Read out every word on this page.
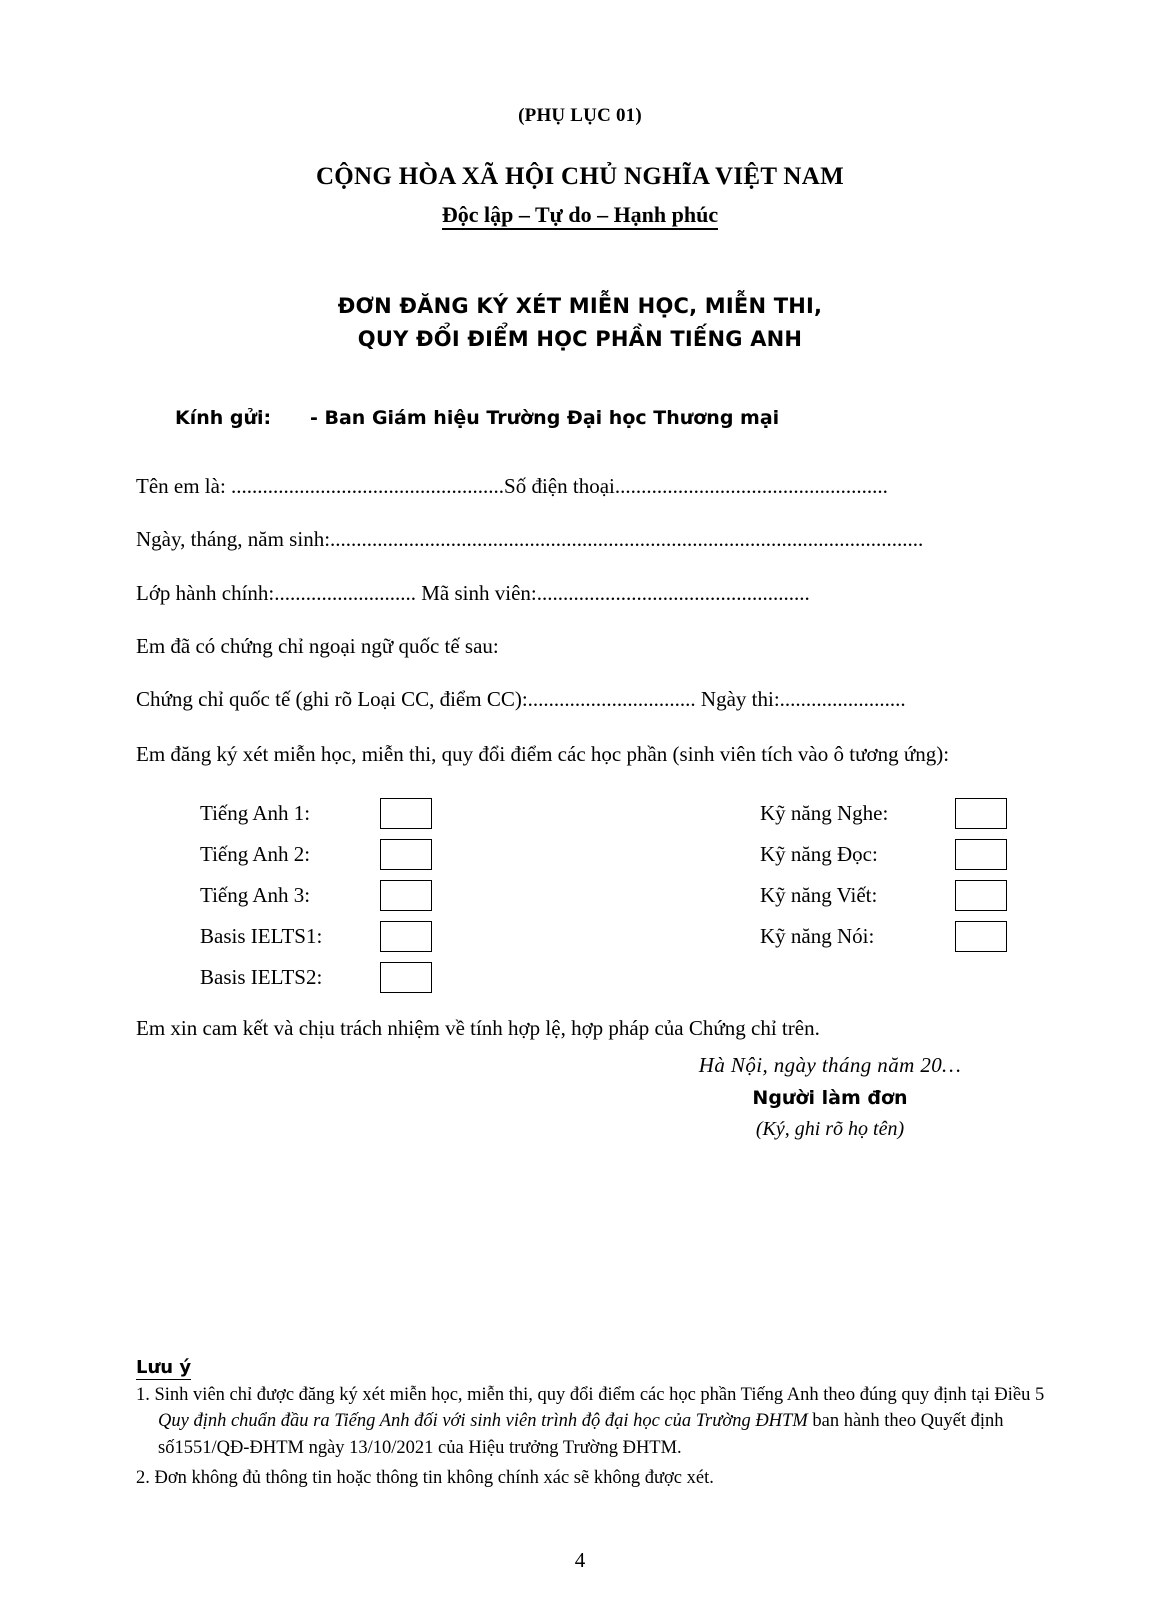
(PHỤ LỤC 01)
CỘNG HÒA XÃ HỘI CHỦ NGHĨA VIỆT NAM
Độc lập – Tự do – Hạnh phúc
ĐƠN ĐĂNG KÝ XÉT MIỄN HỌC, MIỄN THI,
QUY ĐỔI ĐIỂM HỌC PHẦN TIẾNG ANH
Kính gửi: - Ban Giám hiệu Trường Đại học Thương mại
Tên em là: ....................................................Số điện thoại....................................................
Ngày, tháng, năm sinh:.................................................................................................................
Lớp hành chính:........................... Mã sinh viên:....................................................
Em đã có chứng chỉ ngoại ngữ quốc tế sau:
Chứng chỉ quốc tế (ghi rõ Loại CC, điểm CC):................................ Ngày thi:........................
Em đăng ký xét miễn học, miễn thi, quy đổi điểm các học phần (sinh viên tích vào ô tương ứng):
Tiếng Anh 1:
Tiếng Anh 2:
Tiếng Anh 3:
Basis IELTS1:
Basis IELTS2:
Kỹ năng Nghe:
Kỹ năng Đọc:
Kỹ năng Viết:
Kỹ năng Nói:
Em xin cam kết và chịu trách nhiệm về tính hợp lệ, hợp pháp của Chứng chỉ trên.
Hà Nội, ngày tháng năm 20…
Người làm đơn
(Ký, ghi rõ họ tên)
Lưu ý
1. Sinh viên chỉ được đăng ký xét miễn học, miễn thi, quy đổi điểm các học phần Tiếng Anh theo đúng quy định tại Điều 5 Quy định chuẩn đầu ra Tiếng Anh đối với sinh viên trình độ đại học của Trường ĐHTM ban hành theo Quyết định số1551/QĐ-ĐHTM ngày 13/10/2021 của Hiệu trưởng Trường ĐHTM.
2. Đơn không đủ thông tin hoặc thông tin không chính xác sẽ không được xét.
4
